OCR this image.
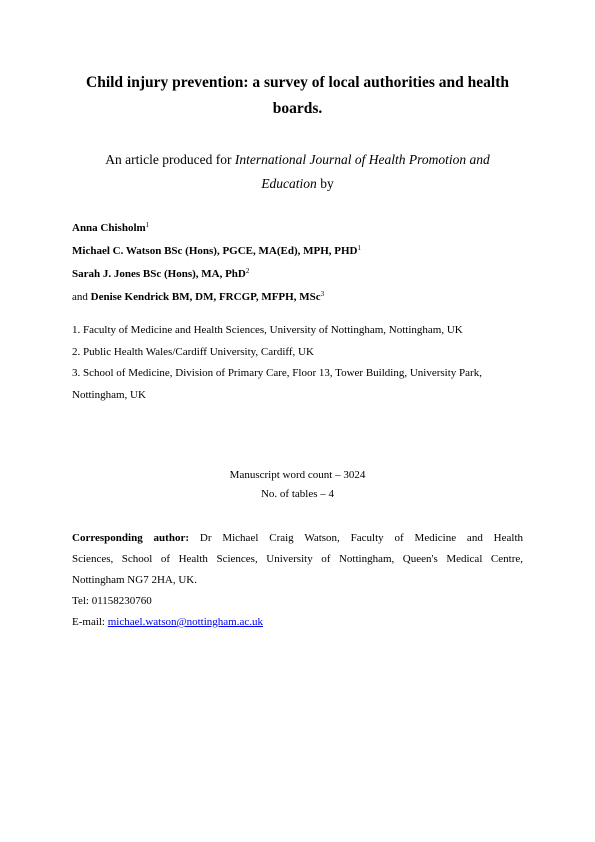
Child injury prevention: a survey of local authorities and health
boards.
An article produced for International Journal of Health Promotion and
Education by
Anna Chisholm$^1$
Michael C. Watson BSc (Hons), PGCE, MA(Ed), MPH, PHD$^1$
Sarah J. Jones BSc (Hons), MA, PhD$^2$
and Denise Kendrick BM, DM, FRCGP, MFPH, MSc$^3$
1. Faculty of Medicine and Health Sciences, University of Nottingham, Nottingham, UK
2. Public Health Wales/Cardiff University, Cardiff, UK
3. School of Medicine, Division of Primary Care, Floor 13, Tower Building, University Park,
Nottingham, UK
Manuscript word count – 3024
No. of tables – 4
Corresponding author: Dr Michael Craig Watson, Faculty of Medicine and Health
Sciences, School of Health Sciences, University of Nottingham, Queen's Medical Centre,
Nottingham NG7 2HA, UK.
Tel: 01158230760
E-mail: michael.watson@nottingham.ac.uk
